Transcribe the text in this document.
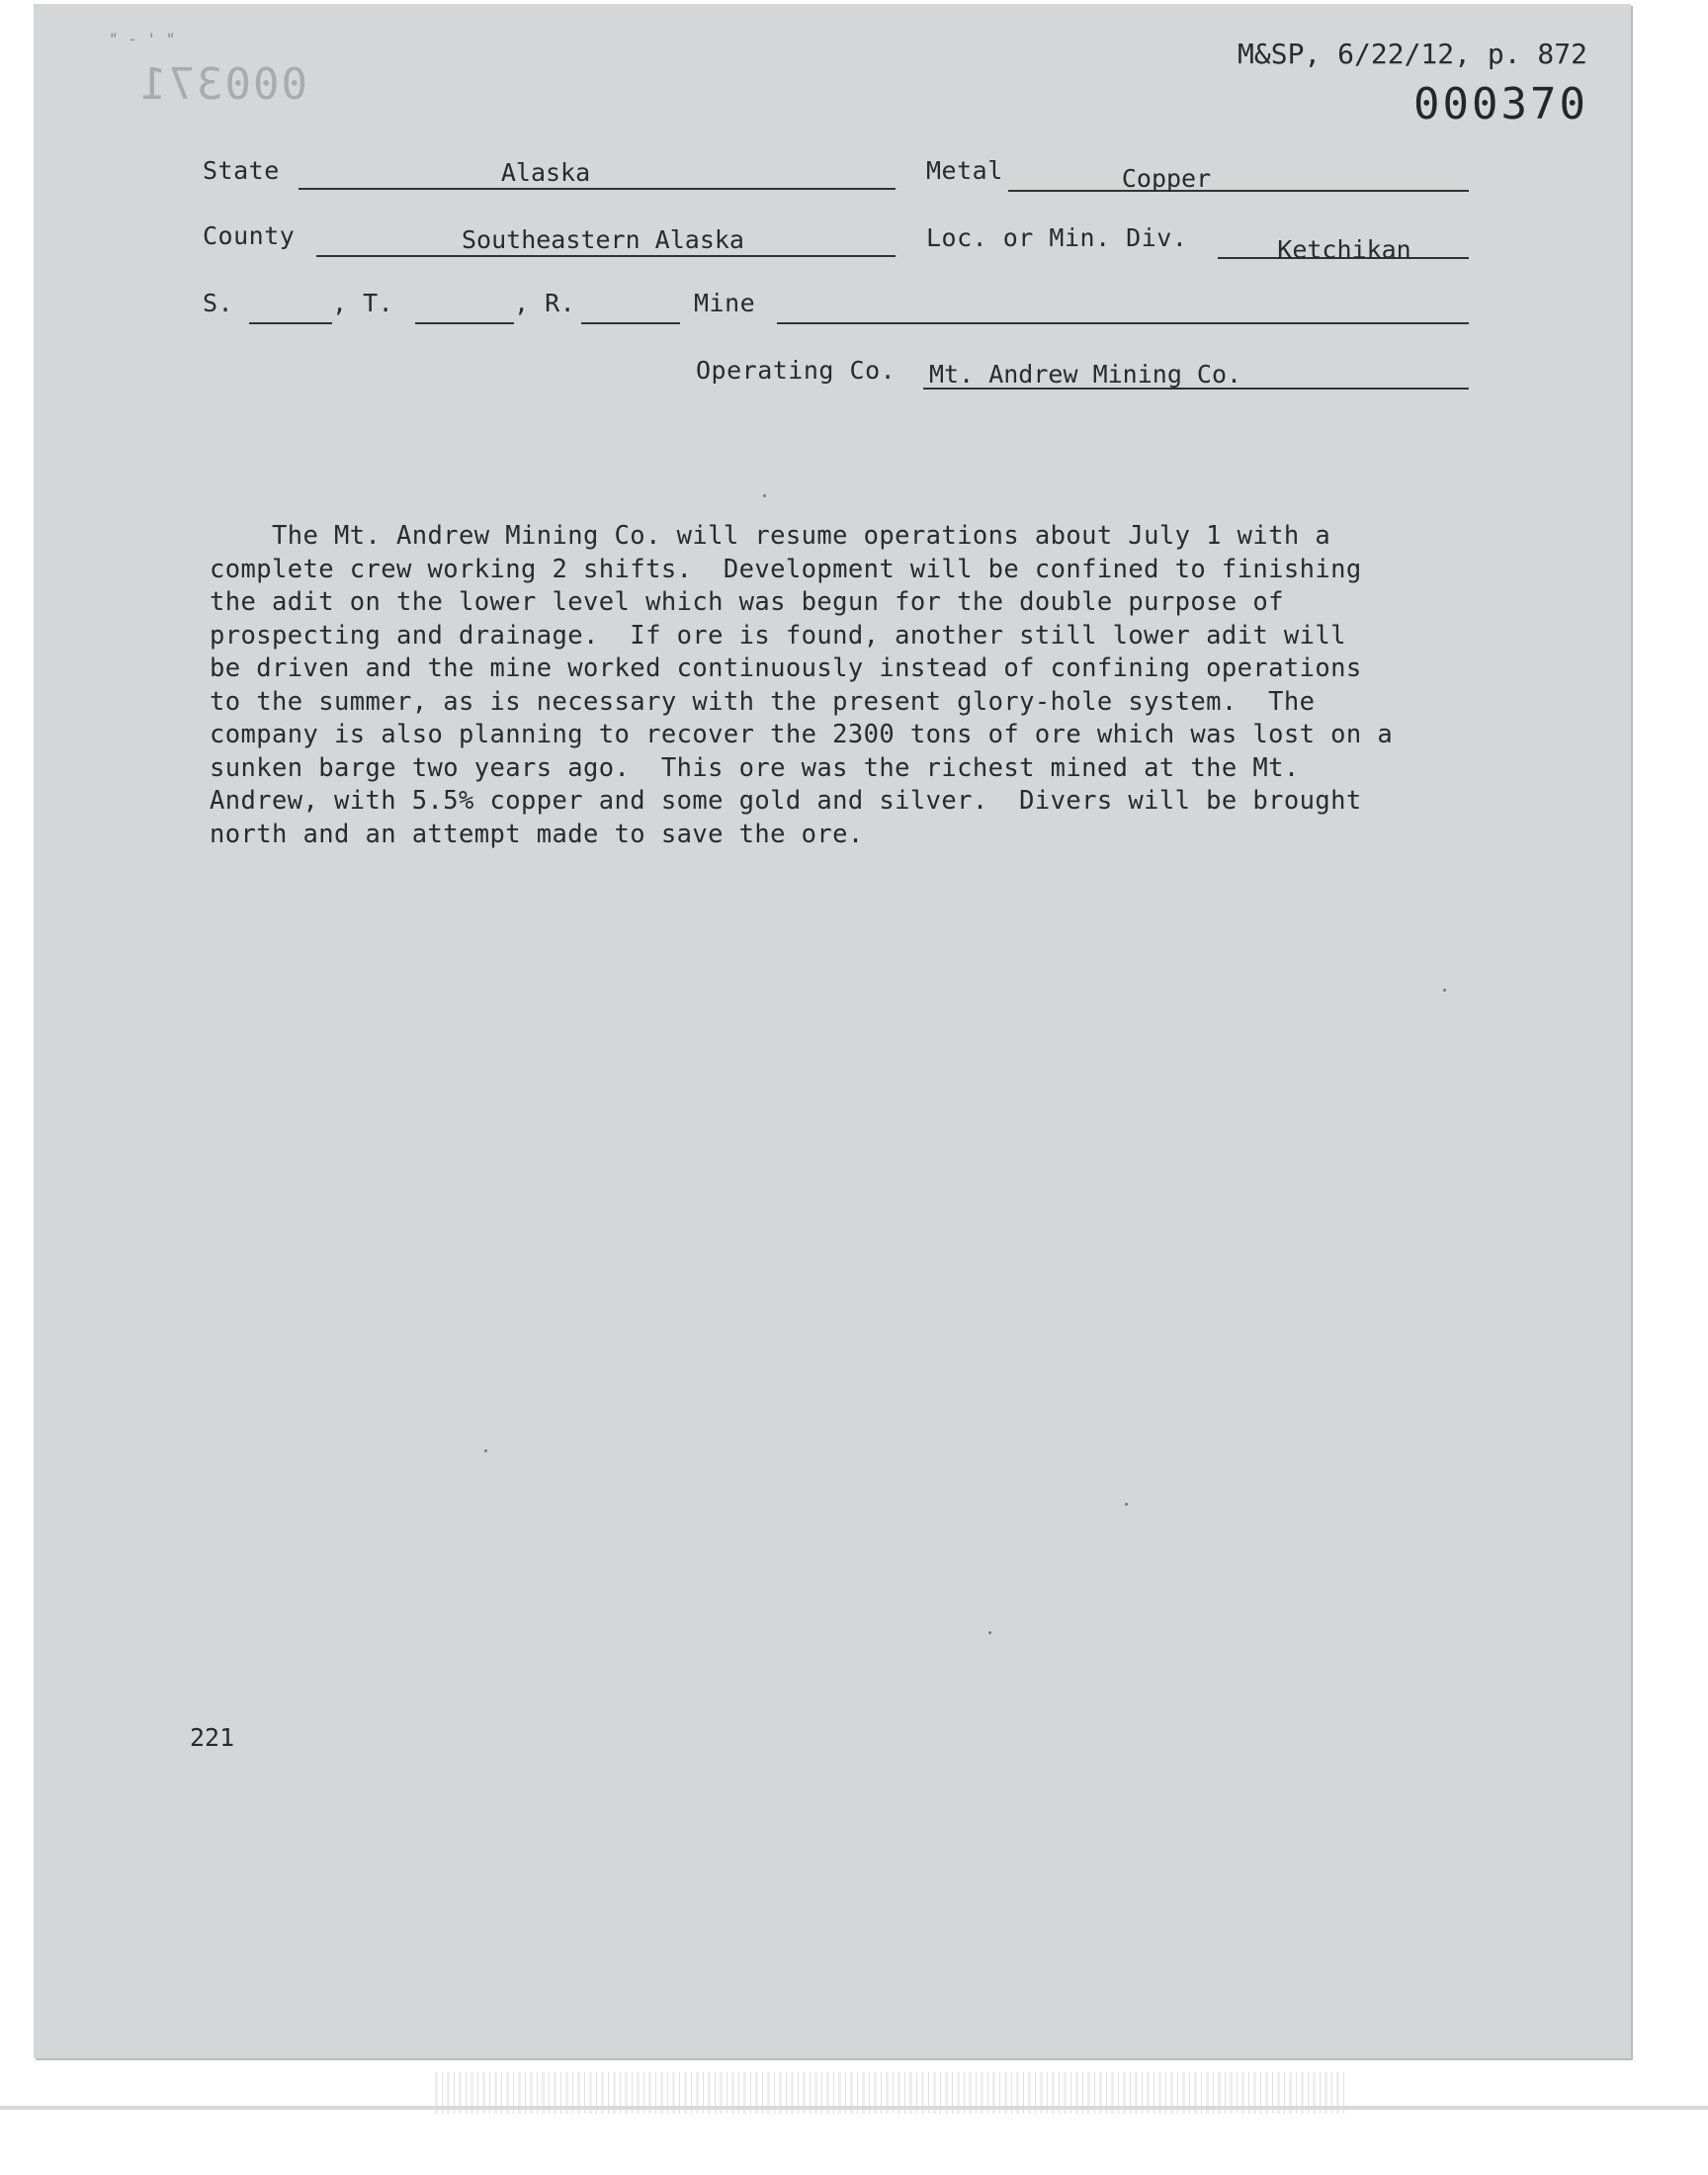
" - ' "
000371
M&SP, 6/22/12, p. 872
000370
State	Alaska	Metal	Copper
County	Southeastern Alaska	Loc. or Min. Div.	Ketchikan
S.	, T.	, R.	Mine
Operating Co. Mt. Andrew Mining Co.
The Mt. Andrew Mining Co. will resume operations about July 1 with a
complete crew working 2 shifts.  Development will be confined to finishing
the adit on the lower level which was begun for the double purpose of
prospecting and drainage.  If ore is found, another still lower adit will
be driven and the mine worked continuously instead of confining operations
to the summer, as is necessary with the present glory-hole system.  The
company is also planning to recover the 2300 tons of ore which was lost on a
sunken barge two years ago.  This ore was the richest mined at the Mt.
Andrew, with 5.5% copper and some gold and silver.  Divers will be brought
north and an attempt made to save the ore.
221
